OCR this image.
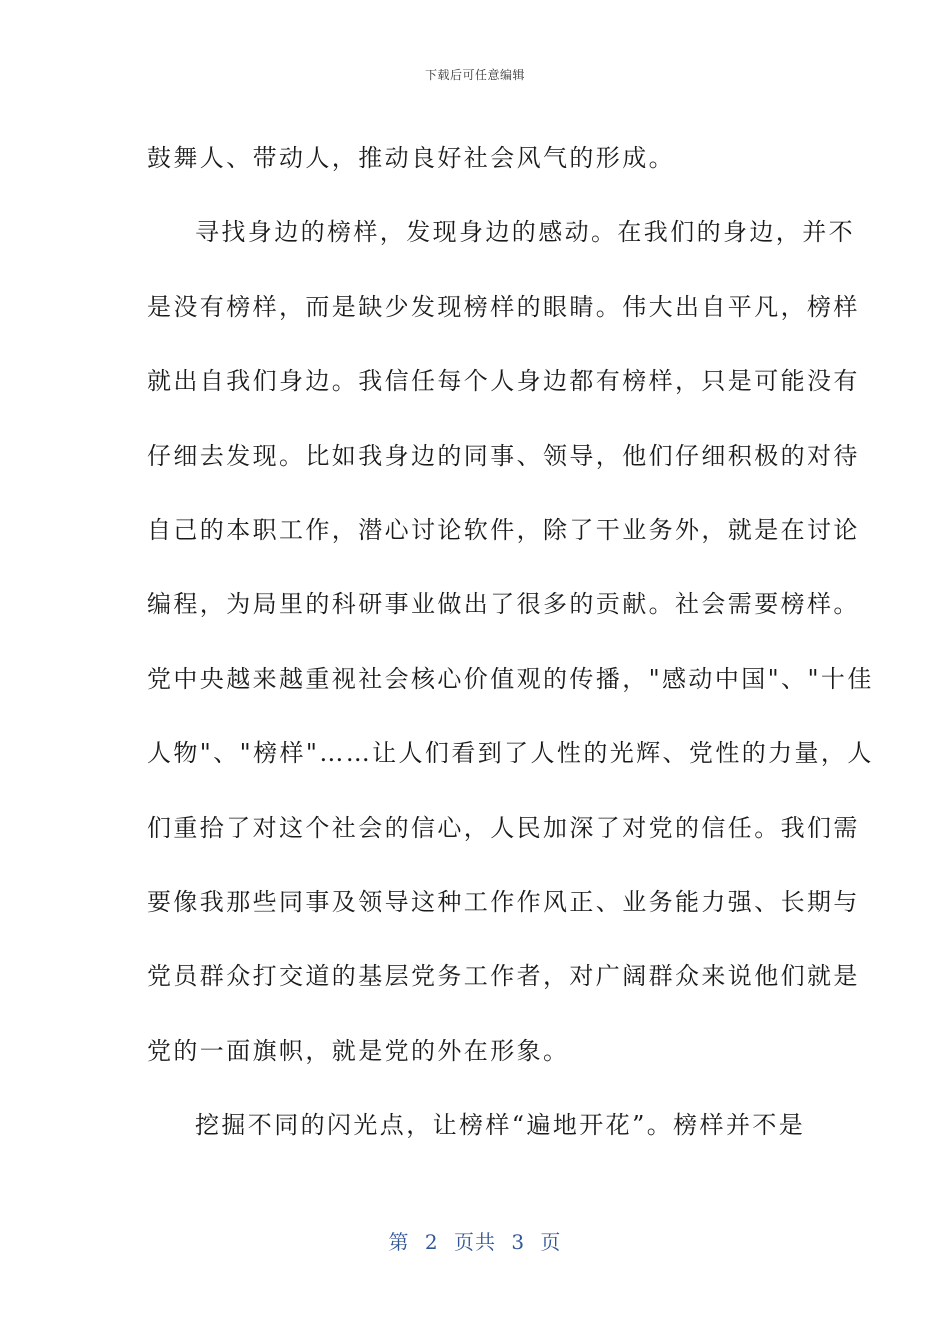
下载后可任意编辑
鼓舞人、带动人，推动良好社会风气的形成。
寻找身边的榜样，发现身边的感动。在我们的身边，并不
是没有榜样，而是缺少发现榜样的眼睛。伟大出自平凡，榜样
就出自我们身边。我信任每个人身边都有榜样，只是可能没有
仔细去发现。比如我身边的同事、领导，他们仔细积极的对待
自己的本职工作，潜心讨论软件，除了干业务外，就是在讨论
编程，为局里的科研事业做出了很多的贡献。社会需要榜样。
党中央越来越重视社会核心价值观的传播，"感动中国"、"十佳
人物"、"榜样"……让人们看到了人性的光辉、党性的力量，人
们重拾了对这个社会的信心，人民加深了对党的信任。我们需
要像我那些同事及领导这种工作作风正、业务能力强、长期与
党员群众打交道的基层党务工作者，对广阔群众来说他们就是
党的一面旗帜，就是党的外在形象。
挖掘不同的闪光点，让榜样“遍地开花”。榜样并不是
第 2 页共 3 页
